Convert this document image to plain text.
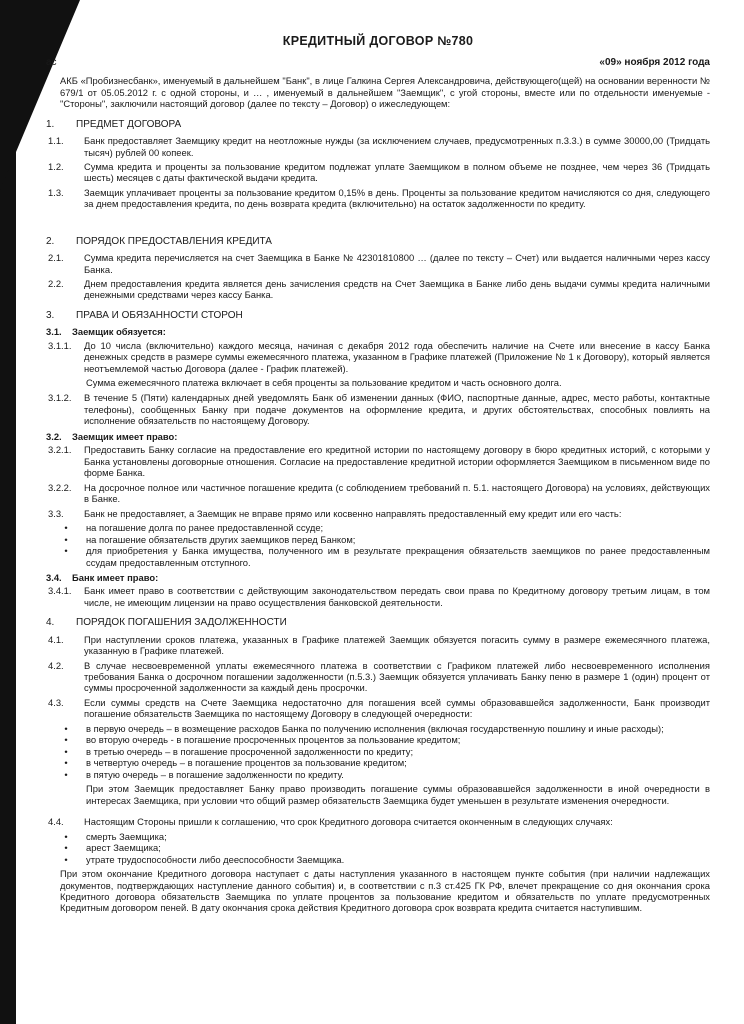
КРЕДИТНЫЙ ДОГОВОР №780
ас	«09» ноября 2012 года
АКБ «Пробизнесбанк», именуемый в дальнейшем "Банк", в лице Галкина Сергея Александровича, действующего(щей) на основании веренности № 679/1 от 05.05.2012 г. с одной стороны, и … , именуемый в дальнейшем "Заемщик", с угой стороны, вместе или по отдельности именуемые - "Стороны", заключили настоящий договор (далее по тексту – Договор) о ижеследующем:
1.	ПРЕДМЕТ ДОГОВОРА
1.1.	Банк предоставляет Заемщику кредит на неотложные нужды (за исключением случаев, предусмотренных п.3.3.) в сумме 30000,00 (Тридцать тысяч) рублей 00 копеек.
1.2.	Сумма кредита и проценты за пользование кредитом подлежат уплате Заемщиком в полном объеме не позднее, чем через 36 (Тридцать шесть) месяцев с даты фактической выдачи кредита.
1.3.	Заемщик уплачивает проценты за пользование кредитом 0,15% в день. Проценты за пользование кредитом начисляются со дня, следующего за днем предоставления кредита, по день возврата кредита (включительно) на остаток задолженности по кредиту.
2.	ПОРЯДОК ПРЕДОСТАВЛЕНИЯ КРЕДИТА
2.1.	Сумма кредита перечисляется на счет Заемщика в Банке № 42301810800 … (далее по тексту – Счет) или выдается наличными через кассу Банка.
2.2.	Днем предоставления кредита является день зачисления средств на Счет Заемщика в Банке либо день выдачи суммы кредита наличными денежными средствами через кассу Банка.
3.	ПРАВА И ОБЯЗАННОСТИ СТОРОН
3.1.	Заемщик обязуется:
3.1.1.	До 10 числа (включительно) каждого месяца, начиная с декабря 2012 года обеспечить наличие на Счете или внесение в кассу Банка денежных средств в размере суммы ежемесячного платежа, указанном в Графике платежей (Приложение № 1 к Договору), который является неотъемлемой частью Договора (далее - График платежей).
Сумма ежемесячного платежа включает в себя проценты за пользование кредитом и часть основного долга.
3.1.2.	В течение 5 (Пяти) календарных дней уведомлять Банк об изменении данных (ФИО, паспортные данные, адрес, место работы, контактные телефоны), сообщенных Банку при подаче документов на оформление кредита, и других обстоятельствах, способных повлиять на исполнение обязательств по настоящему Договору.
3.2.	Заемщик имеет право:
3.2.1.	Предоставить Банку согласие на предоставление его кредитной истории по настоящему договору в бюро кредитных историй, с которыми у Банка установлены договорные отношения. Согласие на предоставление кредитной истории оформляется Заемщиком в письменном виде по форме Банка.
3.2.2.	На досрочное полное или частичное погашение кредита (с соблюдением требований п. 5.1. настоящего Договора) на условиях, действующих в Банке.
3.3.	Банк не предоставляет, а Заемщик не вправе прямо или косвенно направлять предоставленный ему кредит или его часть:
•	на погашение долга по ранее предоставленной ссуде;
•	на погашение обязательств других заемщиков перед Банком;
•	для приобретения у Банка имущества, полученного им в результате прекращения обязательств заемщиков по ранее предоставленным ссудам предоставленным отступного.
3.4.	Банк имеет право:
3.4.1.	Банк имеет право в соответствии с действующим законодательством передать свои права по Кредитному договору третьим лицам, в том числе, не имеющим лицензии на право осуществления банковской деятельности.
4.	ПОРЯДОК ПОГАШЕНИЯ ЗАДОЛЖЕННОСТИ
4.1.	При наступлении сроков платежа, указанных в Графике платежей Заемщик обязуется погасить сумму в размере ежемесячного платежа, указанную в Графике платежей.
4.2.	В случае несвоевременной уплаты ежемесячного платежа в соответствии с Графиком платежей либо несвоевременного исполнения требования Банка о досрочном погашении задолженности (п.5.3.) Заемщик обязуется уплачивать Банку пеню в размере 1 (один) процент от суммы просроченной задолженности за каждый день просрочки.
4.3.	Если суммы средств на Счете Заемщика недостаточно для погашения всей суммы образовавшейся задолженности, Банк производит погашение обязательств Заемщика по настоящему Договору в следующей очередности:
•	в первую очередь – в возмещение расходов Банка по получению исполнения (включая государственную пошлину и иные расходы);
•	во вторую очередь - в погашение просроченных процентов за пользование кредитом;
•	в третью очередь – в погашение просроченной задолженности по кредиту;
•	в четвертую очередь – в погашение процентов за пользование кредитом;
•	в пятую очередь – в погашение задолженности по кредиту.
При этом Заемщик предоставляет Банку право производить погашение суммы образовавшейся задолженности в иной очередности в интересах Заемщика, при условии что общий размер обязательств Заемщика будет уменьшен в результате изменения очередности.
4.4.	Настоящим Стороны пришли к соглашению, что срок Кредитного договора считается оконченным в следующих случаях:
•	смерть Заемщика;
•	арест Заемщика;
•	утрате трудоспособности либо дееспособности Заемщика.
При этом окончание Кредитного договора наступает с даты наступления указанного в настоящем пункте события (при наличии надлежащих документов, подтверждающих наступление данного события) и, в соответствии с п.3 ст.425 ГК РФ, влечет прекращение со дня окончания срока Кредитного договора обязательств Заемщика по уплате процентов за пользование кредитом и обязательств по уплате предусмотренных Кредитным договором пеней. В дату окончания срока действия Кредитного договора срок возврата кредита считается наступившим.
